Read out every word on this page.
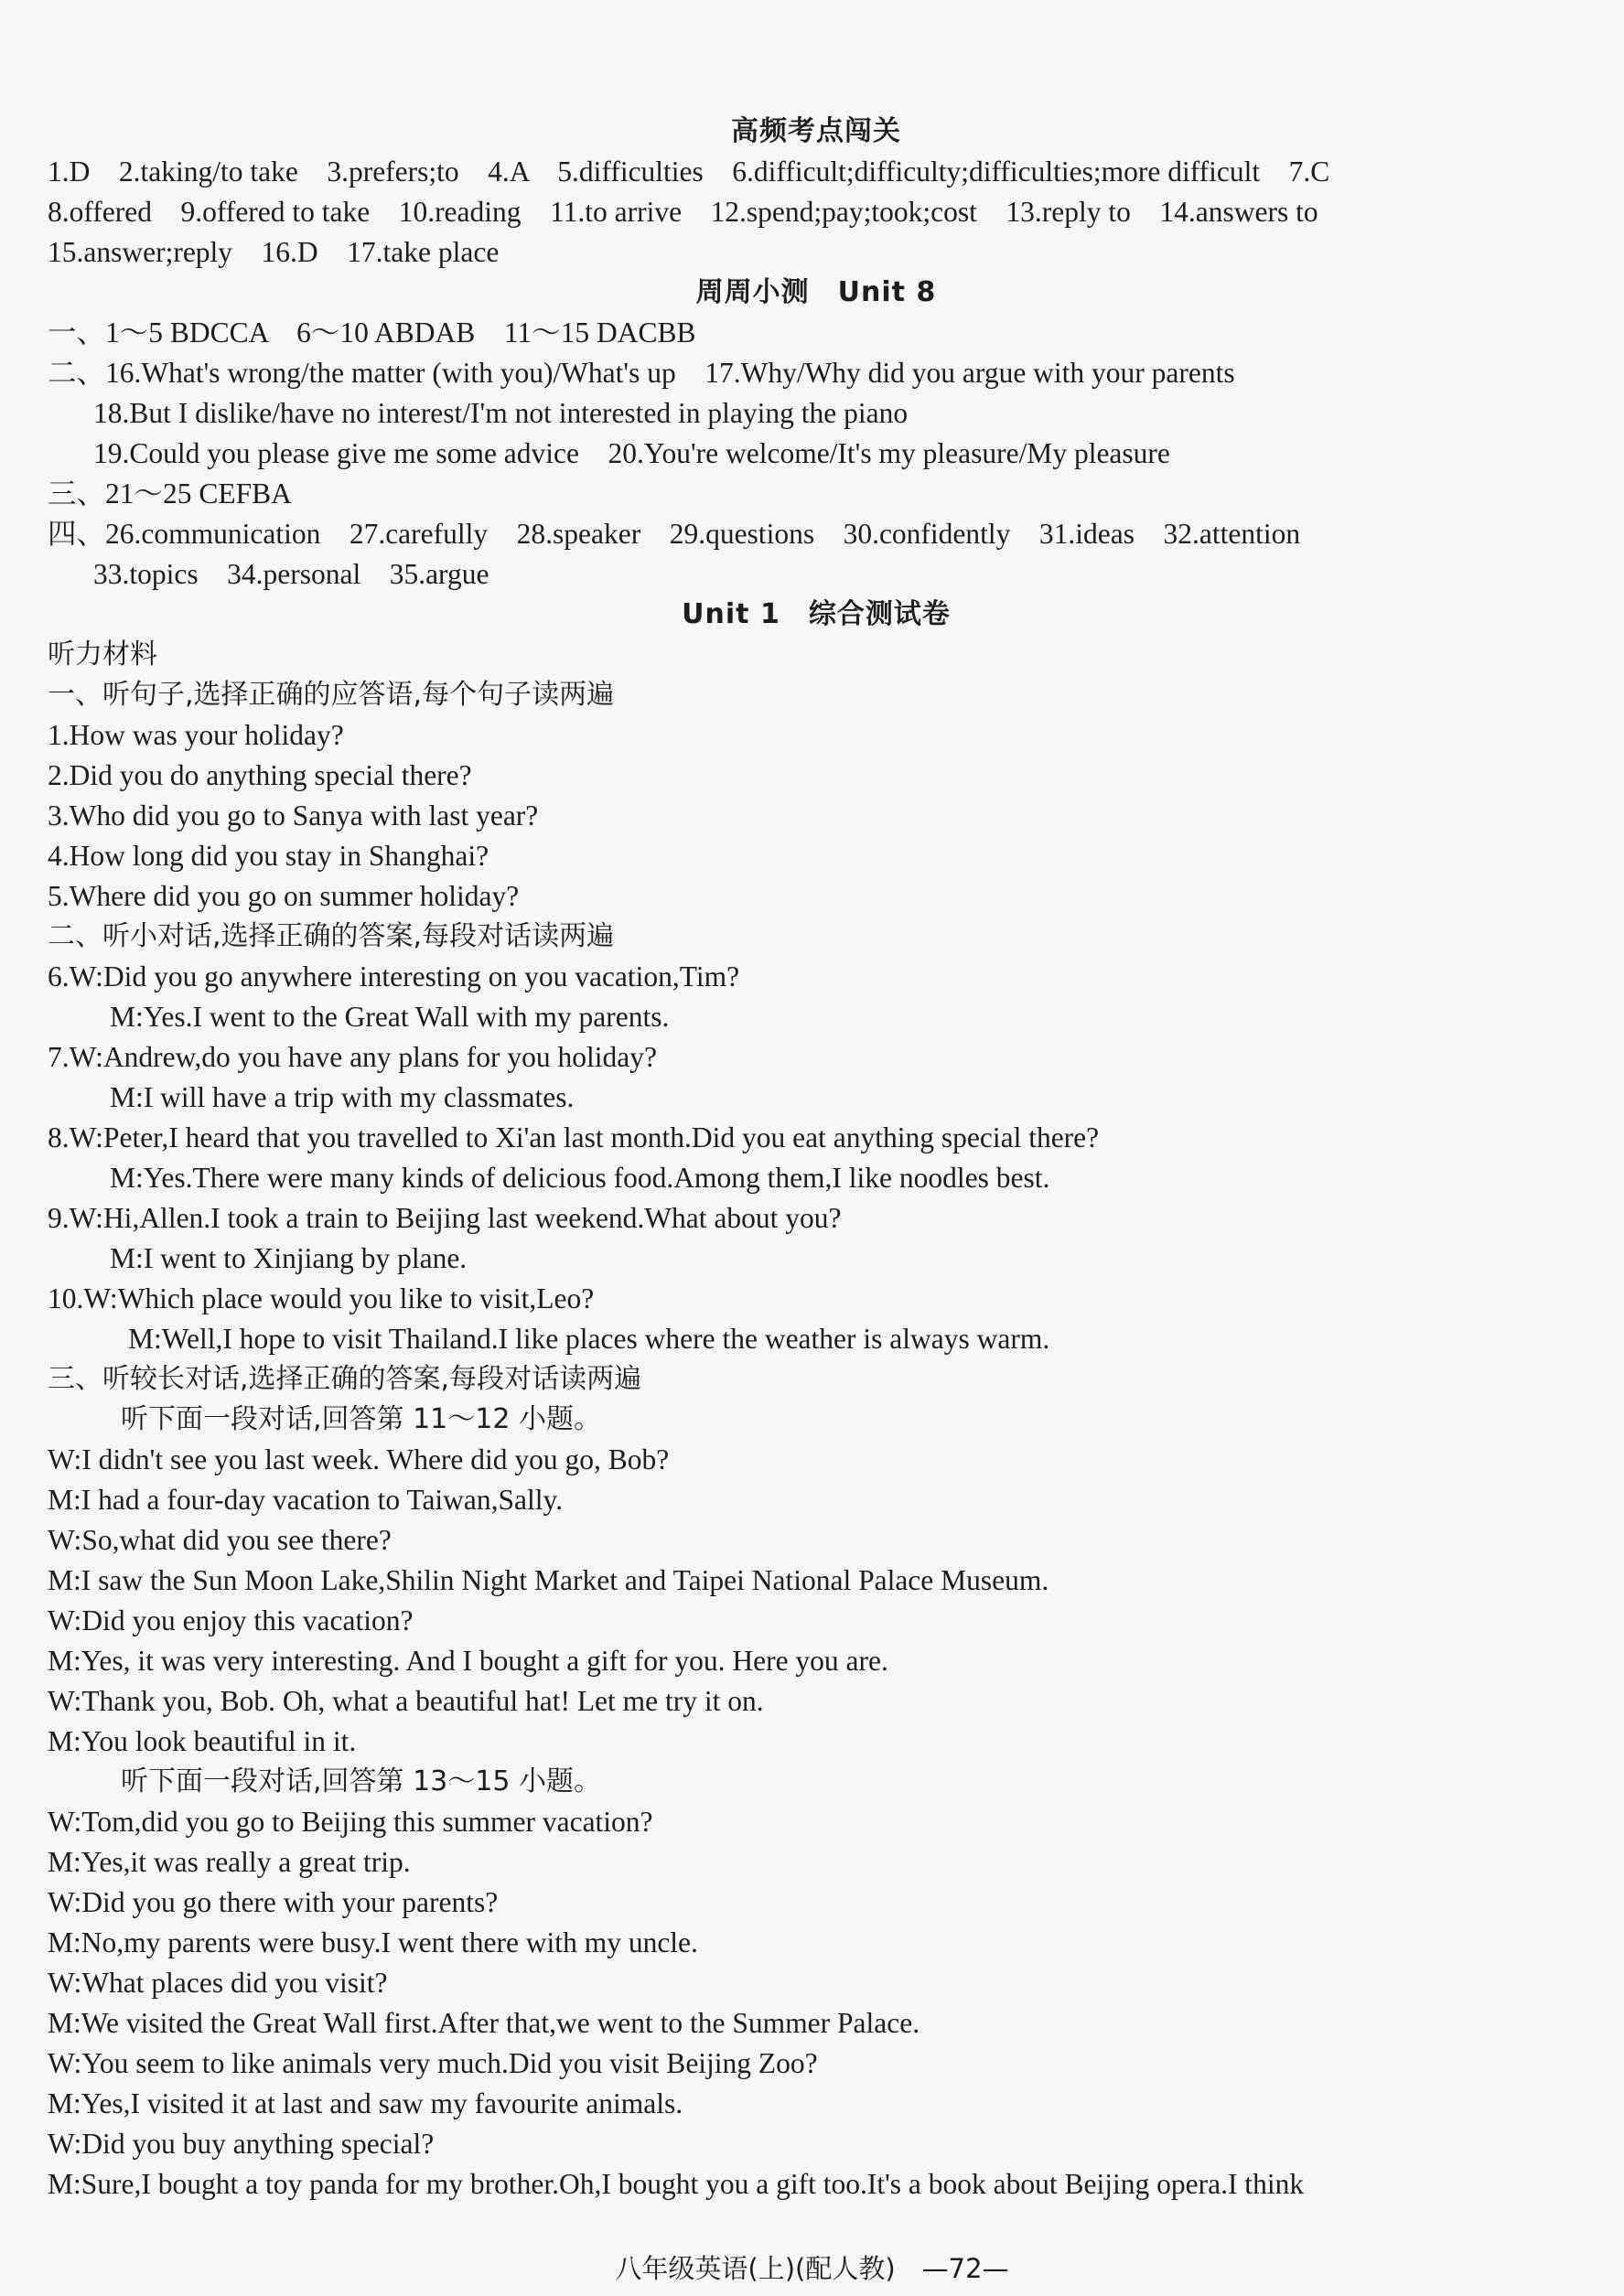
高频考点闯关
1.D　2.taking/to take　3.prefers;to　4.A　5.difficulties　6.difficult;difficulty;difficulties;more difficult　7.C
8.offered　9.offered to take　10.reading　11.to arrive　12.spend;pay;took;cost　13.reply to　14.answers to
15.answer;reply　16.D　17.take place
周周小测　Unit 8
一、1～5 BDCCA　6～10 ABDAB　11～15 DACBB
二、16.What's wrong/the matter (with you)/What's up　17.Why/Why did you argue with your parents
18.But I dislike/have no interest/I'm not interested in playing the piano
19.Could you please give me some advice　20.You're welcome/It's my pleasure/My pleasure
三、21～25 CEFBA
四、26.communication　27.carefully　28.speaker　29.questions　30.confidently　31.ideas　32.attention
33.topics　34.personal　35.argue
Unit 1　综合测试卷
听力材料
一、听句子,选择正确的应答语,每个句子读两遍
1.How was your holiday?
2.Did you do anything special there?
3.Who did you go to Sanya with last year?
4.How long did you stay in Shanghai?
5.Where did you go on summer holiday?
二、听小对话,选择正确的答案,每段对话读两遍
6.W:Did you go anywhere interesting on you vacation,Tim?
M:Yes.I went to the Great Wall with my parents.
7.W:Andrew,do you have any plans for you holiday?
M:I will have a trip with my classmates.
8.W:Peter,I heard that you travelled to Xi'an last month.Did you eat anything special there?
M:Yes.There were many kinds of delicious food.Among them,I like noodles best.
9.W:Hi,Allen.I took a train to Beijing last weekend.What about you?
M:I went to Xinjiang by plane.
10.W:Which place would you like to visit,Leo?
M:Well,I hope to visit Thailand.I like places where the weather is always warm.
三、听较长对话,选择正确的答案,每段对话读两遍
听下面一段对话,回答第 11～12 小题。
W:I didn't see you last week. Where did you go, Bob?
M:I had a four-day vacation to Taiwan,Sally.
W:So,what did you see there?
M:I saw the Sun Moon Lake,Shilin Night Market and Taipei National Palace Museum.
W:Did you enjoy this vacation?
M:Yes, it was very interesting. And I bought a gift for you. Here you are.
W:Thank you, Bob. Oh, what a beautiful hat! Let me try it on.
M:You look beautiful in it.
听下面一段对话,回答第 13～15 小题。
W:Tom,did you go to Beijing this summer vacation?
M:Yes,it was really a great trip.
W:Did you go there with your parents?
M:No,my parents were busy.I went there with my uncle.
W:What places did you visit?
M:We visited the Great Wall first.After that,we went to the Summer Palace.
W:You seem to like animals very much.Did you visit Beijing Zoo?
M:Yes,I visited it at last and saw my favourite animals.
W:Did you buy anything special?
M:Sure,I bought a toy panda for my brother.Oh,I bought you a gift too.It's a book about Beijing opera.I think
八年级英语(上)(配人教)　—72—
